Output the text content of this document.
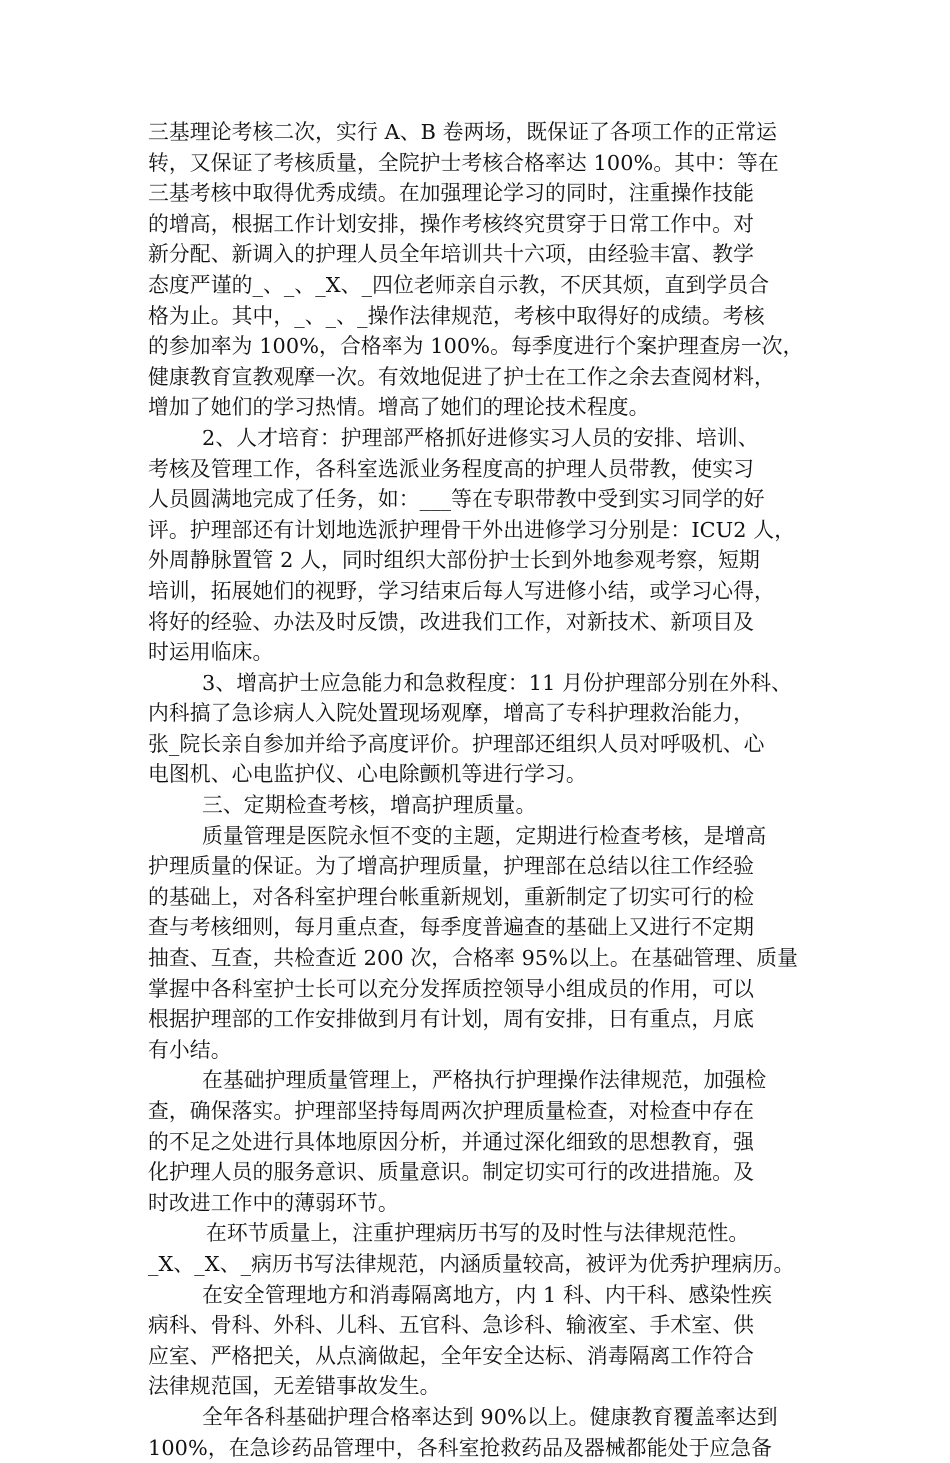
三基理论考核二次，实行 A、B 卷两场，既保证了各项工作的正常运
转，又保证了考核质量，全院护士考核合格率达 100%。其中：等在
三基考核中取得优秀成绩。在加强理论学习的同时，注重操作技能
的增高，根据工作计划安排，操作考核终究贯穿于日常工作中。对
新分配、新调入的护理人员全年培训共十六项，由经验丰富、教学
态度严谨的_、_、_X、_四位老师亲自示教，不厌其烦，直到学员合
格为止。其中，_、_、_操作法律规范，考核中取得好的成绩。考核
的参加率为 100%，合格率为 100%。每季度进行个案护理查房一次，
健康教育宣教观摩一次。有效地促进了护士在工作之余去查阅材料，
增加了她们的学习热情。增高了她们的理论技术程度。
2、人才培育：护理部严格抓好进修实习人员的安排、培训、
考核及管理工作，各科室选派业务程度高的护理人员带教，使实习
人员圆满地完成了任务，如：___等在专职带教中受到实习同学的好
评。护理部还有计划地选派护理骨干外出进修学习分别是：ICU2 人，
外周静脉置管 2 人，同时组织大部份护士长到外地参观考察，短期
培训，拓展她们的视野，学习结束后每人写进修小结，或学习心得，
将好的经验、办法及时反馈，改进我们工作，对新技术、新项目及
时运用临床。
3、增高护士应急能力和急救程度：11 月份护理部分别在外科、
内科搞了急诊病人入院处置现场观摩，增高了专科护理救治能力，
张_院长亲自参加并给予高度评价。护理部还组织人员对呼吸机、心
电图机、心电监护仪、心电除颤机等进行学习。
三、定期检查考核，增高护理质量。
质量管理是医院永恒不变的主题，定期进行检查考核，是增高
护理质量的保证。为了增高护理质量，护理部在总结以往工作经验
的基础上，对各科室护理台帐重新规划，重新制定了切实可行的检
查与考核细则，每月重点查，每季度普遍查的基础上又进行不定期
抽查、互查，共检查近 200 次，合格率 95%以上。在基础管理、质量
掌握中各科室护士长可以充分发挥质控领导小组成员的作用，可以
根据护理部的工作安排做到月有计划，周有安排，日有重点，月底
有小结。
在基础护理质量管理上，严格执行护理操作法律规范，加强检
查，确保落实。护理部坚持每周两次护理质量检查，对检查中存在
的不足之处进行具体地原因分析，并通过深化细致的思想教育，强
化护理人员的服务意识、质量意识。制定切实可行的改进措施。及
时改进工作中的薄弱环节。
在环节质量上，注重护理病历书写的及时性与法律规范性。
_X、_X、_病历书写法律规范，内涵质量较高，被评为优秀护理病历。
在安全管理地方和消毒隔离地方，内 1 科、内干科、感染性疾
病科、骨科、外科、儿科、五官科、急诊科、输液室、手术室、供
应室、严格把关，从点滴做起，全年安全达标、消毒隔离工作符合
法律规范国，无差错事故发生。
全年各科基础护理合格率达到 90%以上。健康教育覆盖率达到
100%，在急诊药品管理中，各科室抢救药品及器械都能处于应急备
